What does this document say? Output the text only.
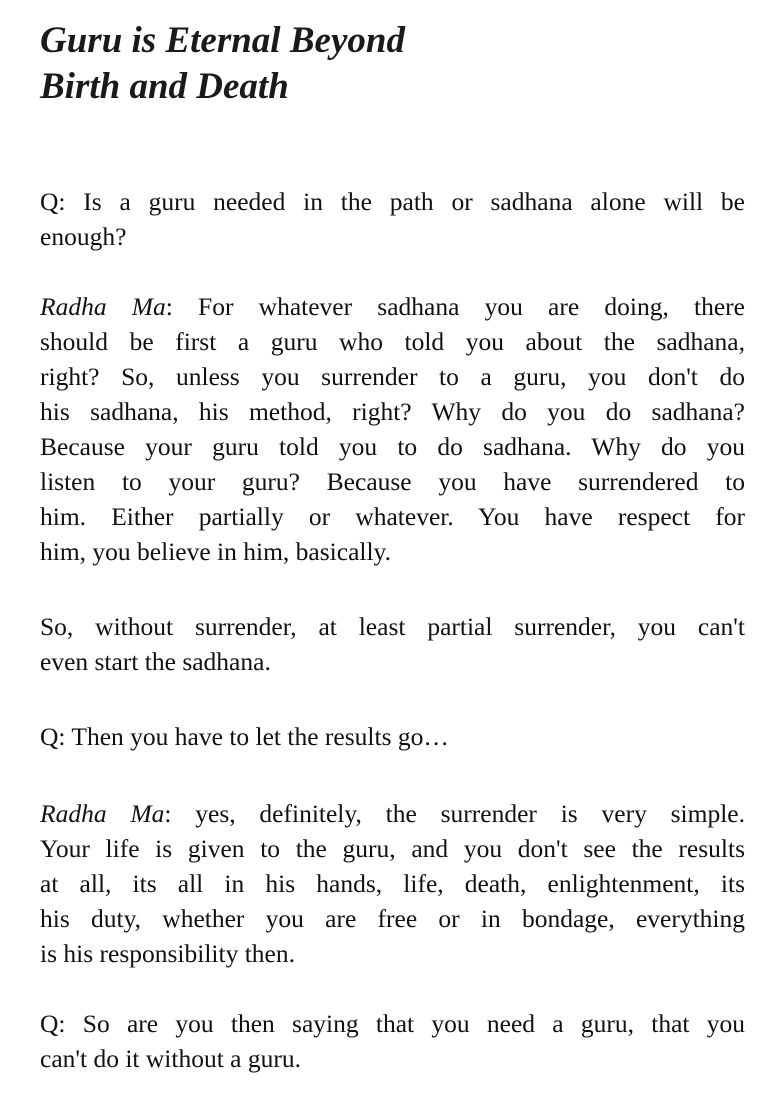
Guru is Eternal Beyond
Birth and Death
Q: Is a guru needed in the path or sadhana alone will be
enough?
Radha Ma: For whatever sadhana you are doing, there
should be first a guru who told you about the sadhana,
right? So, unless you surrender to a guru, you don't do
his sadhana, his method, right? Why do you do sadhana?
Because your guru told you to do sadhana. Why do you
listen to your guru? Because you have surrendered to
him. Either partially or whatever. You have respect for
him, you believe in him, basically.
So, without surrender, at least partial surrender, you can't
even start the sadhana.
Q: Then you have to let the results go…
Radha Ma: yes, definitely, the surrender is very simple.
Your life is given to the guru, and you don't see the results
at all, its all in his hands, life, death, enlightenment, its
his duty, whether you are free or in bondage, everything
is his responsibility then.
Q: So are you then saying that you need a guru, that you
can't do it without a guru.
